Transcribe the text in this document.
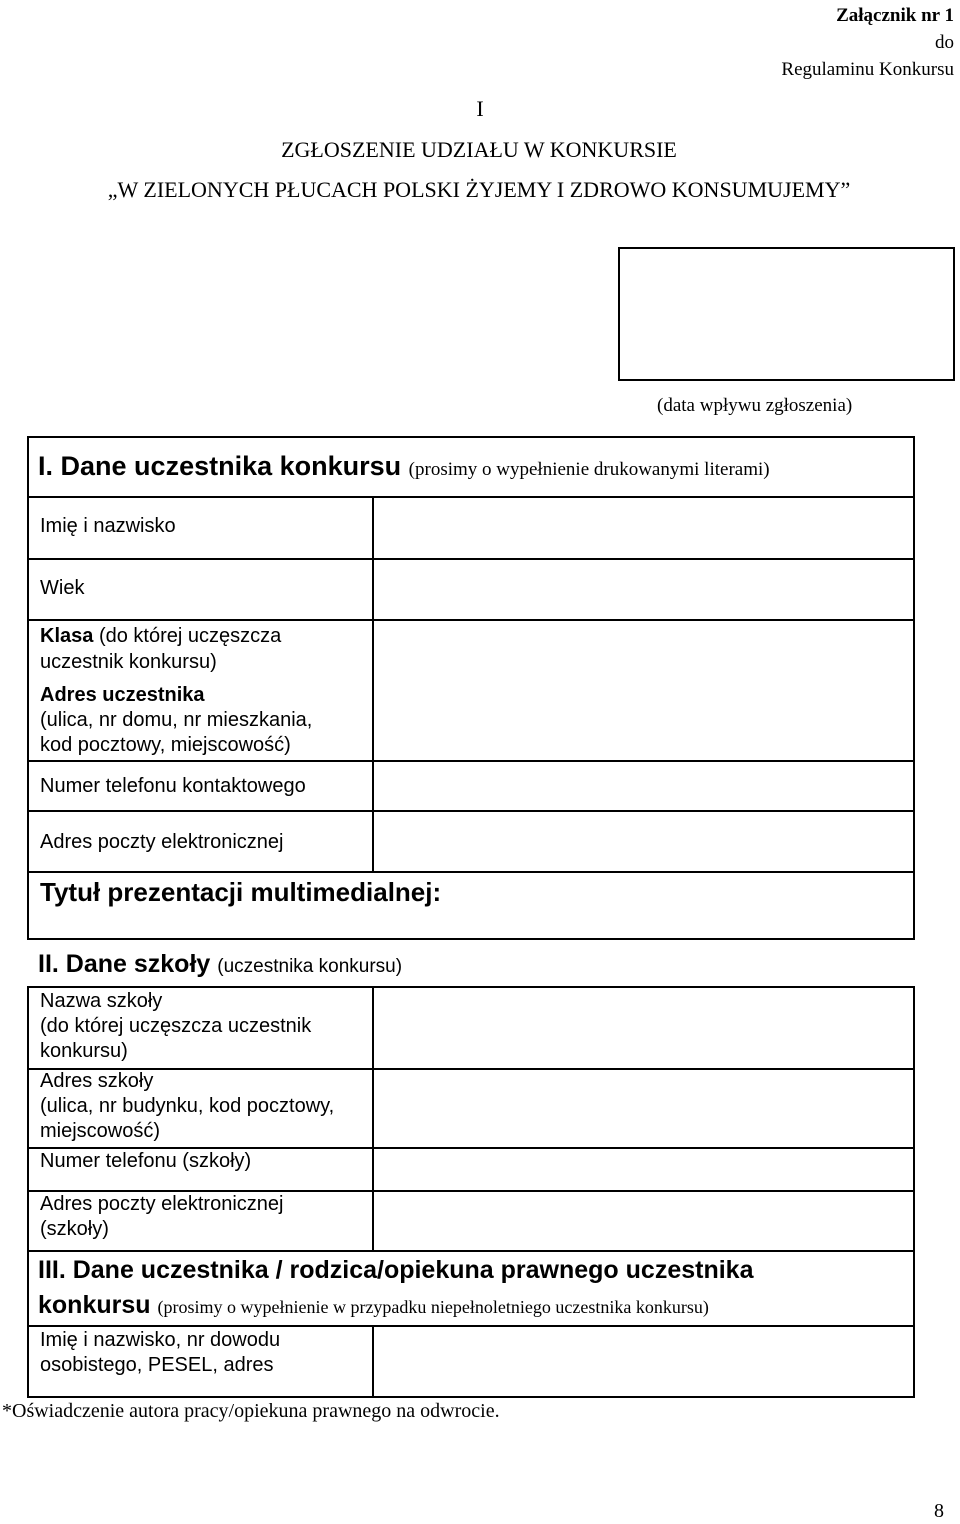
Załącznik nr 1
do
Regulaminu Konkursu
I
ZGŁOSZENIE UDZIAŁU W KONKURSIE
„W ZIELONYCH PŁUCACH POLSKI ŻYJEMY I ZDROWO KONSUMUJEMY”
(data wpływu zgłoszenia)
I. Dane uczestnika konkursu (prosimy o wypełnienie drukowanymi literami)
Imię i nazwisko
Wiek
Klasa (do której uczęszcza
uczestnik konkursu)
Adres uczestnika
(ulica, nr domu, nr mieszkania,
kod pocztowy, miejscowość)
Numer telefonu kontaktowego
Adres poczty elektronicznej
Tytuł prezentacji multimedialnej:
II. Dane szkoły (uczestnika konkursu)
Nazwa szkoły
(do której uczęszcza uczestnik
konkursu)
Adres szkoły
(ulica, nr budynku, kod pocztowy,
miejscowość)
Numer telefonu (szkoły)
Adres poczty elektronicznej
(szkoły)
III. Dane uczestnika / rodzica/opiekuna prawnego uczestnika
konkursu (prosimy o wypełnienie w przypadku niepełnoletniego uczestnika konkursu)
Imię i nazwisko, nr dowodu
osobistego, PESEL, adres
*Oświadczenie autora pracy/opiekuna prawnego na odwrocie.
8
